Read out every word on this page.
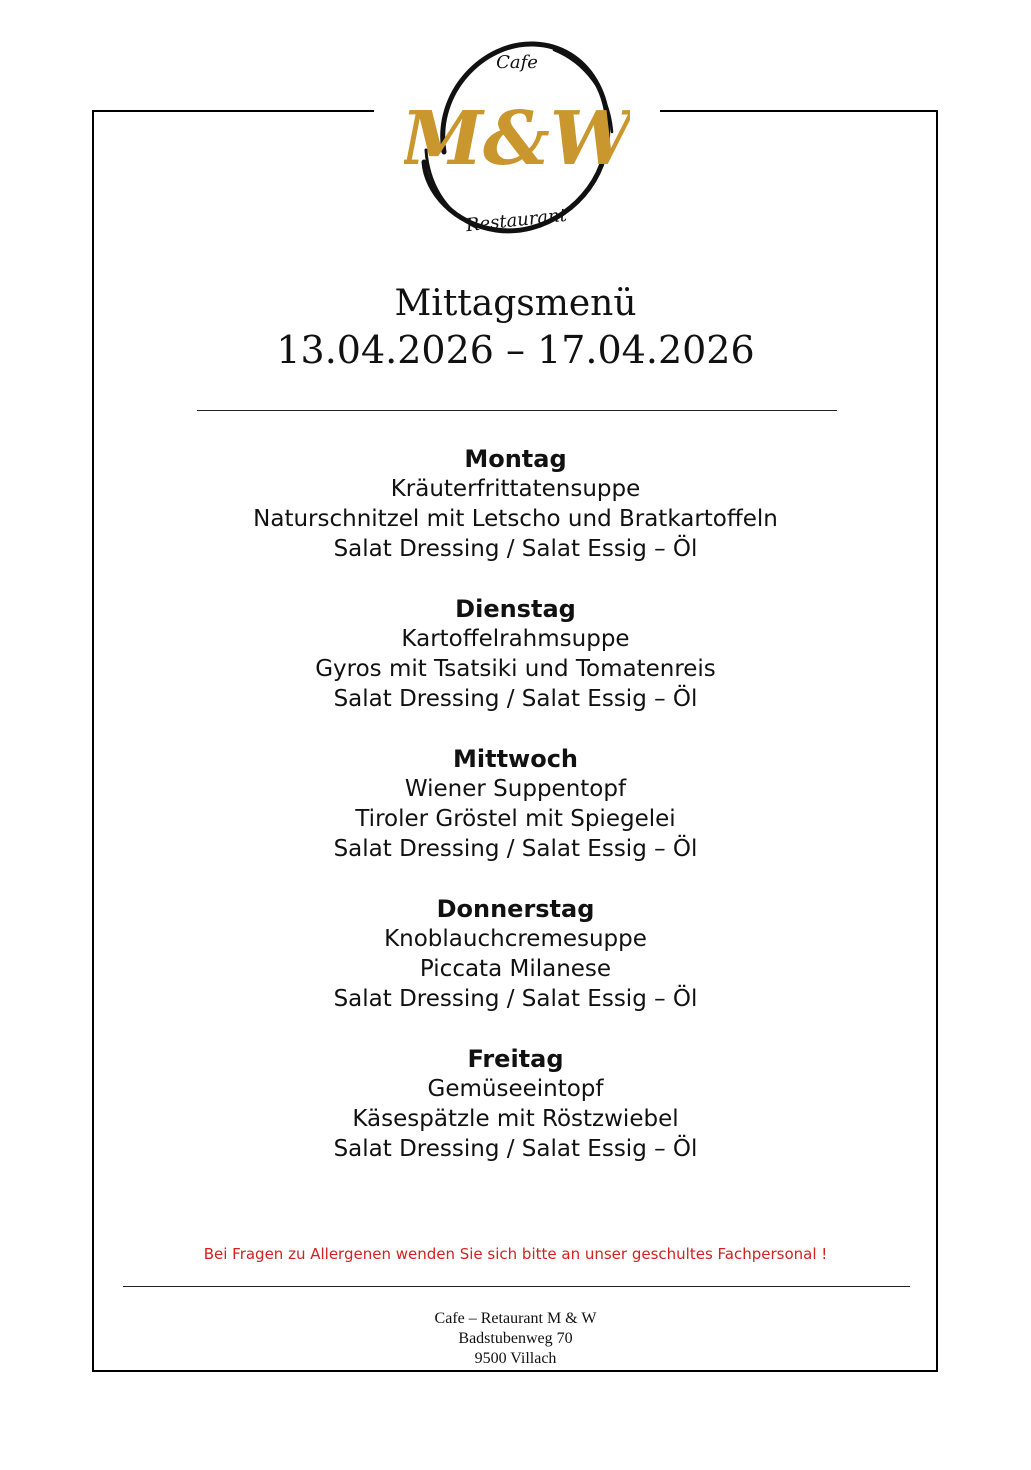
Cafe
M&W
Restaurant
Mittagsmenü
13.04.2026 – 17.04.2026
Montag
Kräuterfrittatensuppe
Naturschnitzel mit Letscho und Bratkartoffeln
Salat Dressing / Salat Essig – Öl
Dienstag
Kartoffelrahmsuppe
Gyros mit Tsatsiki und Tomatenreis
Salat Dressing / Salat Essig – Öl
Mittwoch
Wiener Suppentopf
Tiroler Gröstel mit Spiegelei
Salat Dressing / Salat Essig – Öl
Donnerstag
Knoblauchcremesuppe
Piccata Milanese
Salat Dressing / Salat Essig – Öl
Freitag
Gemüseeintopf
Käsespätzle mit Röstzwiebel
Salat Dressing / Salat Essig – Öl
Bei Fragen zu Allergenen wenden Sie sich bitte an unser geschultes Fachpersonal !
Cafe – Retaurant M & W
Badstubenweg 70
9500 Villach
